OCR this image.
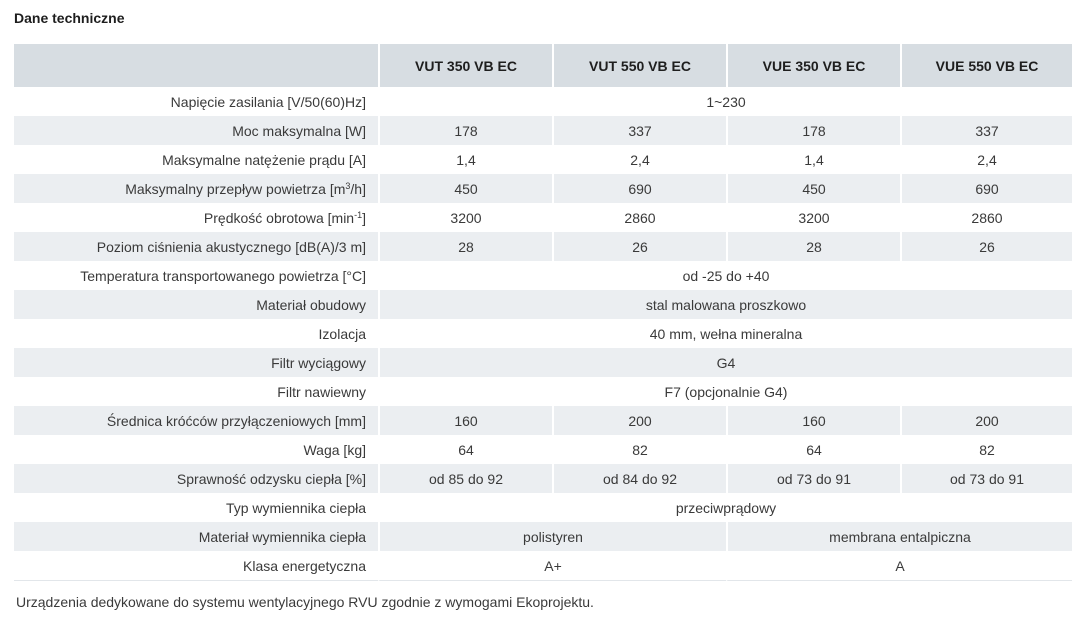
Dane techniczne
	VUT 350 VB EC	VUT 550 VB EC	VUE 350 VB EC	VUE 550 VB EC
Napięcie zasilania [V/50(60)Hz]	1~230			
Moc maksymalna [W]	178	337	178	337
Maksymalne natężenie prądu [A]	1,4	2,4	1,4	2,4
Maksymalny przepływ powietrza $[m^3/h]$	450	690	450	690
Prędkość obrotowa $[\min^{-1}]$	3200	2860	3200	2860
Poziom ciśnienia akustycznego [dB(A)/3 m]	28	26	28	26
Temperatura transportowanego powietrza [°C]	od -25 do +40			
Materiał obudowy	stal malowana proszkowo			
Izolacja	40 mm, wełna mineralna			
Filtr wyciągowy	G4			
Filtr nawiewny	F7 (opcjonalnie G4)			
Średnica króćców przyłączeniowych [mm]	160	200	160	200
Waga [kg]	64	82	64	82
Sprawność odzysku ciepła [%]	od 85 do 92	od 84 do 92	od 73 do 91	od 73 do 91
Typ wymiennika ciepła	przeciwprądowy			
Materiał wymiennika ciepła	polistyren		membrana entalpiczna	
Klasa energetyczna	A+		A	
Urządzenia dedykowane do systemu wentylacyjnego RVU zgodnie z wymogami Ekoprojektu.
